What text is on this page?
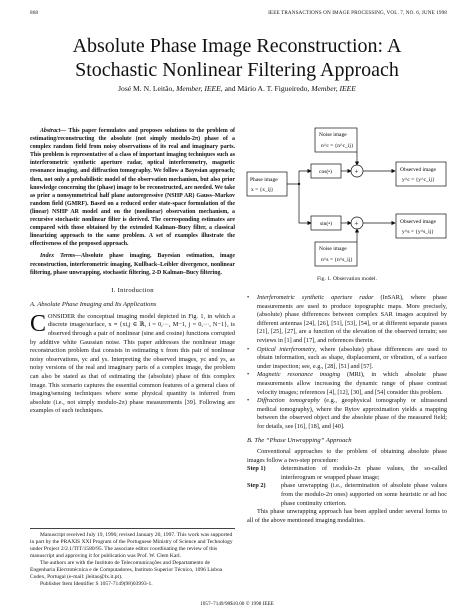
868	IEEE TRANSACTIONS ON IMAGE PROCESSING, VOL. 7, NO. 6, JUNE 1998
Absolute Phase Image Reconstruction: A
Stochastic Nonlinear Filtering Approach
José M. N. Leitão, Member, IEEE, and Mário A. T. Figueiredo, Member, IEEE

Abstract— This paper formulates and proposes solutions to the problem of estimating/reconstructing the absolute (not simply modulo-2π) phase of a complex random field from noisy observations of its real and imaginary parts. This problem is representative of a class of important imaging techniques such as interferometric synthetic aperture radar, optical interferometry, magnetic resonance imaging, and diffraction tomography. We follow a Bayesian approach; then, not only a probabilistic model of the observation mechanism, but also prior knowledge concerning the (phase) image to be reconstructed, are needed. We take as prior a nonsymmetrical half plane autoregressive (NSHP AR) Gauss–Markov random field (GMRF). Based on a reduced order state-space formulation of the (linear) NSHP AR model and on the (nonlinear) observation mechanism, a recursive stochastic nonlinear filter is derived. The corresponding estimates are compared with those obtained by the extended Kalman–Bucy filter, a classical linearizing approach to the same problem. A set of examples illustrate the effectiveness of the proposed approach.

Index Terms—Absolute phase imaging, Bayesian estimation, image reconstruction, interferometric imaging, Kullback–Leibler divergence, nonlinear filtering, phase unwrapping, stochastic filtering, 2-D Kalman–Bucy filtering.

I. Introduction
A. Absolute Phase Imaging and Its Applications

CONSIDER the conceptual imaging model depicted in Fig. 1, in which a discrete image/surface, x ≡ {xi,j ∈ ℝ, i = 0,···, M−1, j = 0,···, N−1}, is observed through a pair of nonlinear (sine and cosine) functions corrupted by additive white Gaussian noise. This paper addresses the nonlinear image reconstruction problem that consists in estimating x from this pair of nonlinear noisy observations, yc and ys. Interpreting the observed images, yc and ys, as noisy versions of the real and imaginary parts of a complex image, the problem can also be stated as that of estimating the (absolute) phase of this complex image. This scenario captures the essential common features of a general class of imaging/sensing techniques where some physical quantity is inferred from absolute (i.e., not simply modulo-2π) phase measurements [39]. Following are examples of such techniques.

Manuscript received July 19, 1996; revised January 20, 1997. This work was supported in part by the PRAXIS XXI Program of the Portuguese Ministry of Science and Technology under Project 2/2.1/TIT/1580/95. The associate editor coordinating the review of this manuscript and approving it for publication was Prof. W. Clem Karl.

The authors are with the Instituto de Telecomunicações and Departamento de Engenharia Electrotécnica e de Computadores, Instituto Superior Técnico, 1096 Lisboa Codex, Portugal (e-mail: jleitao@lx.it.pt).

Publisher Item Identifier S 1057-7149(98)03993-1.

Noise image
n^c = {n^c_ij}
Phase image
x = {x_ij}
cos(•)
sin(•)
+
+
Observed image
y^c = {y^c_ij}
Observed image
y^s = {y^s_ij}
Noise image
n^s = {n^s_ij}
Fig. 1. Observation model.

• Interferometric synthetic aperture radar (InSAR), where phase measurements are used to produce topographic maps. More precisely, (absolute) phase differences between complex SAR images acquired by different antennas [24], [26], [51], [53], [54], or at different separate passes [21], [25], [27], are a function of the elevation of the observed terrain; see reviews in [1] and [17], and references therein.

• Optical interferometry, where (absolute) phase differences are used to obtain information, such as shape, displacement, or vibration, of a surface under inspection; see, e.g., [28], [51] and [57].

• Magnetic resonance imaging (MRI), in which absolute phase measurements allow increasing the dynamic range of phase contrast velocity images; references [4], [12], [30], and [54] consider this problem.

• Diffraction tomography (e.g., geophysical tomography or ultrasound medical tomography), where the Rytov approximation yields a mapping between the observed object and the absolute phase of the measured field; for details, see [16], [18], and [40].

B. The “Phase Unwrapping” Approach

Conventional approaches to the problem of obtaining absolute phase images follow a two-step procedure:

Step 1)	determination of modulo-2π phase values, the so-called interferogram or wrapped phase image;
Step 2)	phase unwrapping (i.e., determination of absolute phase values from the modulo-2π ones) supported on some heuristic or ad hoc phase continuity criterion.

This phase unwrapping approach has been applied under several forms to all of the above mentioned imaging modalities.

1057–7149/98$10.00 © 1998 IEEE
